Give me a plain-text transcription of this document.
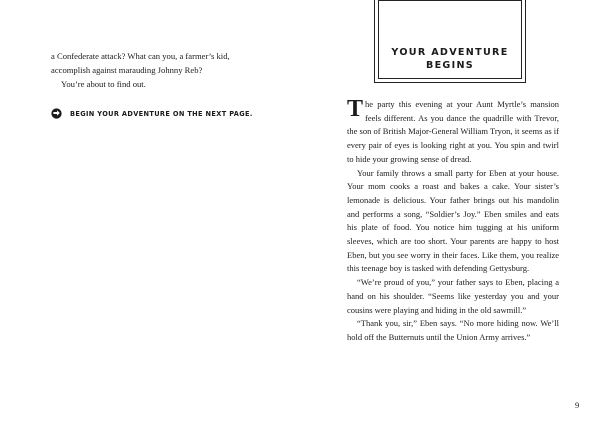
a Confederate attack? What can you, a farmer’s kid,

accomplish against marauding Johnny Reb?

You’re about to find out.

BEGIN YOUR ADVENTURE ON THE NEXT PAGE.
YOUR ADVENTURE
BEGINS

The party this evening at your Aunt Myrtle’s mansion feels different. As you dance the quadrille with Trevor, the son of British Major-General William Tryon, it seems as if every pair of eyes is looking right at you. You spin and twirl to hide your growing sense of dread.

Your family throws a small party for Eben at your house. Your mom cooks a roast and bakes a cake. Your sister’s lemonade is delicious. Your father brings out his mandolin and performs a song, “Soldier’s Joy.” Eben smiles and eats his plate of food. You notice him tugging at his uniform sleeves, which are too short. Your parents are happy to host Eben, but you see worry in their faces. Like them, you realize this teenage boy is tasked with defending Gettysburg.

“We’re proud of you,” your father says to Eben, placing a hand on his shoulder. “Seems like yesterday you and your cousins were playing and hiding in the old sawmill.”

“Thank you, sir,” Eben says. “No more hiding now. We’ll hold off the Butternuts until the Union Army arrives.”

9
